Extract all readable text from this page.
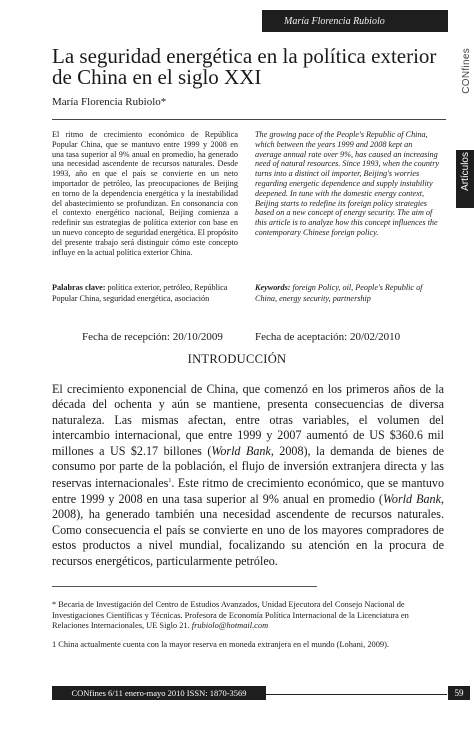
María Florencia Rubiolo
CONfines
Artículos
La seguridad energética en la política exterior de China en el siglo XXI
María Florencia Rubiolo*
El ritmo de crecimiento económico de República Popular China, que se mantuvo entre 1999 y 2008 en una tasa superior al 9% anual en promedio, ha generado una necesidad ascendente de recursos naturales. Desde 1993, año en que el país se convierte en un neto importador de petróleo, las preocupaciones de Beijing en torno de la dependencia energética y la inestabilidad del abastecimiento se profundizan. En consonancia con el contexto energético nacional, Beijing comienza a redefinir sus estrategias de política exterior con base en un nuevo concepto de seguridad energética. El propósito del presente trabajo será distinguir cómo este concepto influye en la actual política exterior China.
The growing pace of the People's Republic of China, which between the years 1999 and 2008 kept an average annual rate over 9%, has caused an increasing need of natural resources. Since 1993, when the country turns into a distinct oil importer, Beijing's worries regarding energetic dependence and supply instability deepened. In tune with the domestic energy context, Beijing starts to redefine its foreign policy strategies based on a new concept of energy security. The aim of this article is to analyze how this concept influences the contemporary Chinese foreign policy.
Palabras clave: política exterior, petróleo, República Popular China, seguridad energética, asociación
Keywords: foreign Policy, oil, People's Republic of China, energy security, partnership
Fecha de recepción: 20/10/2009	Fecha de aceptación: 20/02/2010
INTRODUCCIÓN
El crecimiento exponencial de China, que comenzó en los primeros años de la década del ochenta y aún se mantiene, presenta consecuencias de diversa naturaleza. Las mismas afectan, entre otras variables, el volumen del intercambio internacional, que entre 1999 y 2007 aumentó de US $360.6 mil millones a US $2.17 billones (World Bank, 2008), la demanda de bienes de consumo por parte de la población, el flujo de inversión extranjera directa y las reservas internacionales$^1$. Este ritmo de crecimiento económico, que se mantuvo entre 1999 y 2008 en una tasa superior al 9% anual en promedio (World Bank, 2008), ha generado también una necesidad ascendente de recursos naturales. Como consecuencia el país se convierte en uno de los mayores compradores de estos productos a nivel mundial, focalizando su atención en la procura de recursos energéticos, particularmente petróleo.
* Becaria de Investigación del Centro de Estudios Avanzados, Unidad Ejecutora del Consejo Nacional de Investigaciones Científicas y Técnicas. Profesora de Economía Política Internacional de la Licenciatura en Relaciones Internacionales, UE Siglo 21. frubiolo@hotmail.com
1 China actualmente cuenta con la mayor reserva en moneda extranjera en el mundo (Lohani, 2009).
CONfines 6/11 enero-mayo 2010 ISSN: 1870-3569	59
